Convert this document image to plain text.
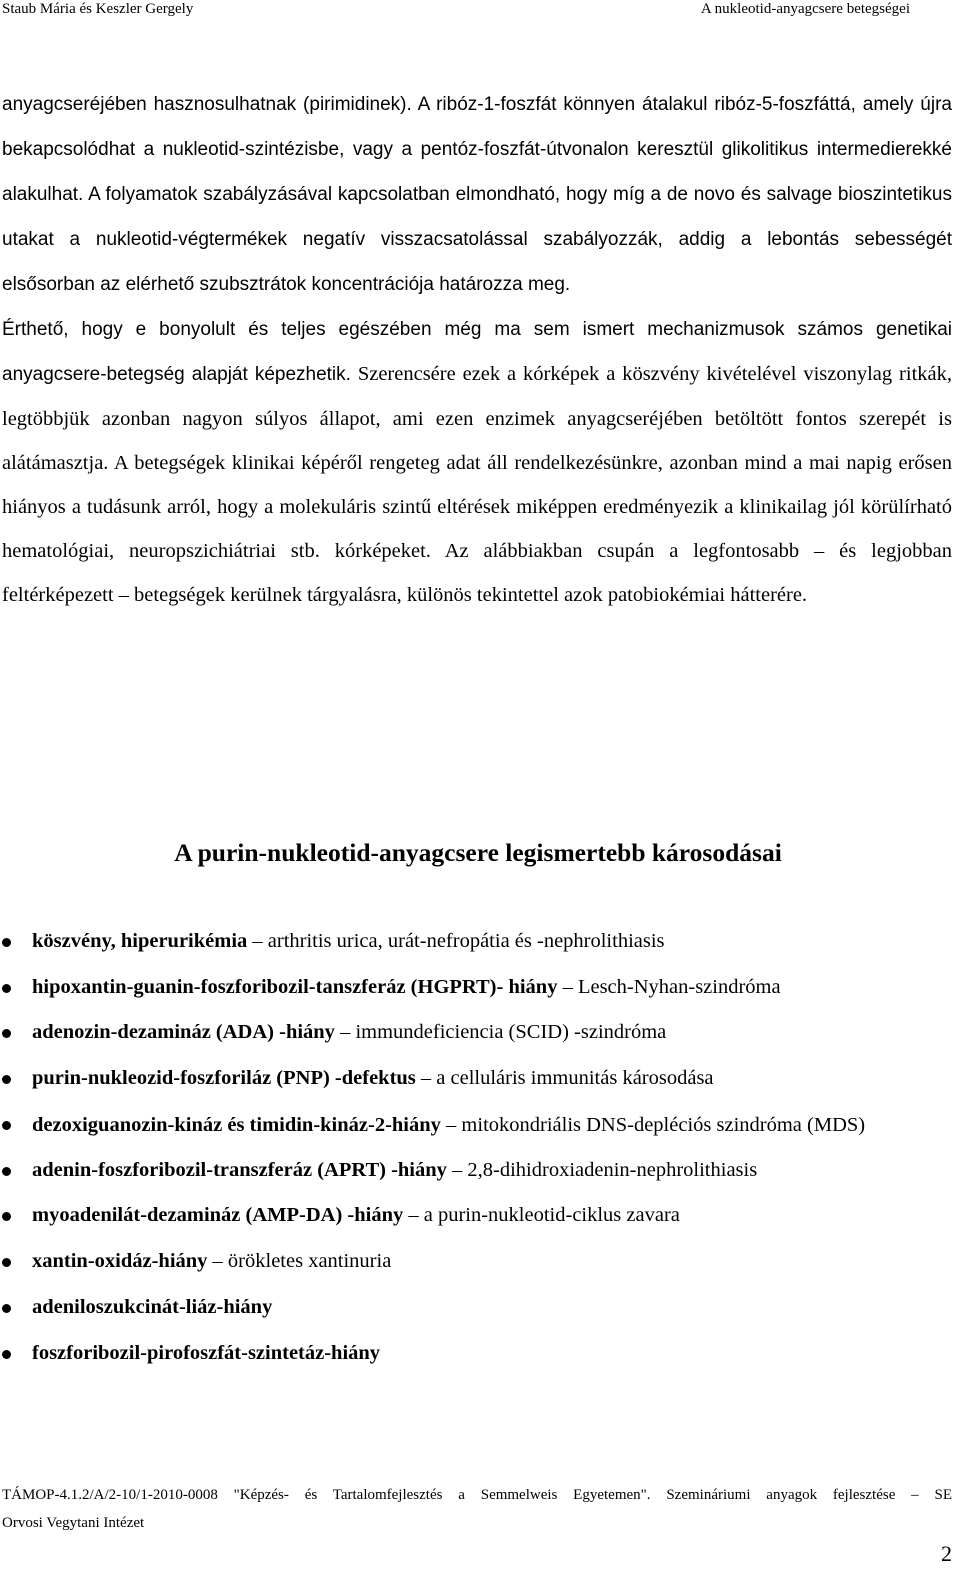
Staub Mária és Keszler Gergely	A nukleotid-anyagcsere betegségei

anyagcseréjében hasznosulhatnak (pirimidinek). A ribóz-1-foszfát könnyen átalakul ribóz-5-foszfáttá, amely újra bekapcsolódhat a nukleotid-szintézisbe, vagy a pentóz-foszfát-útvonalon keresztül glikolitikus intermedierekké alakulhat. A folyamatok szabályzásával kapcsolatban elmondható, hogy míg a de novo és salvage bioszintetikus utakat a nukleotid-végtermékek negatív visszacsatolással szabályozzák, addig a lebontás sebességét elsősorban az elérhető szubsztrátok koncentrációja határozza meg.

Érthető, hogy e bonyolult és teljes egészében még ma sem ismert mechanizmusok számos genetikai anyagcsere-betegség alapját képezhetik. Szerencsére ezek a kórképek a köszvény kivételével viszonylag ritkák, legtöbbjük azonban nagyon súlyos állapot, ami ezen enzimek anyagcseréjében betöltött fontos szerepét is alátámasztja. A betegségek klinikai képéről rengeteg adat áll rendelkezésünkre, azonban mind a mai napig erősen hiányos a tudásunk arról, hogy a molekuláris szintű eltérések miképpen eredményezik a klinikailag jól körülírható hematológiai, neuropszichiátriai stb. kórképeket. Az alábbiakban csupán a legfontosabb – és legjobban feltérképezett – betegségek kerülnek tárgyalásra, különös tekintettel azok patobiokémiai hátterére.

A purin-nukleotid-anyagcsere legismertebb károsodásai
köszvény, hiperurikémia – arthritis urica, urát-nefropátia és -nephrolithiasis
hipoxantin-guanin-foszforibozil-tanszferáz (HGPRT)- hiány – Lesch-Nyhan-szindróma
adenozin-dezamináz (ADA) -hiány – immundeficiencia (SCID) -szindróma
purin-nukleozid-foszforiláz (PNP) -defektus – a celluláris immunitás károsodása
dezoxiguanozin-kináz és timidin-kináz-2-hiány – mitokondriális DNS-depléciós szindróma (MDS)
adenin-foszforibozil-transzferáz (APRT) -hiány – 2,8-dihidroxiadenin-nephrolithiasis
myoadenilát-dezamináz (AMP-DA) -hiány – a purin-nukleotid-ciklus zavara
xantin-oxidáz-hiány – örökletes xantinuria
adeniloszukcinát-liáz-hiány
foszforibozil-pirofoszfát-szintetáz-hiány
TÁMOP-4.1.2/A/2-10/1-2010-0008 "Képzés- és Tartalomfejlesztés a Semmelweis Egyetemen". Szemináriumi anyagok fejlesztése – SE
Orvosi Vegytani Intézet
2
